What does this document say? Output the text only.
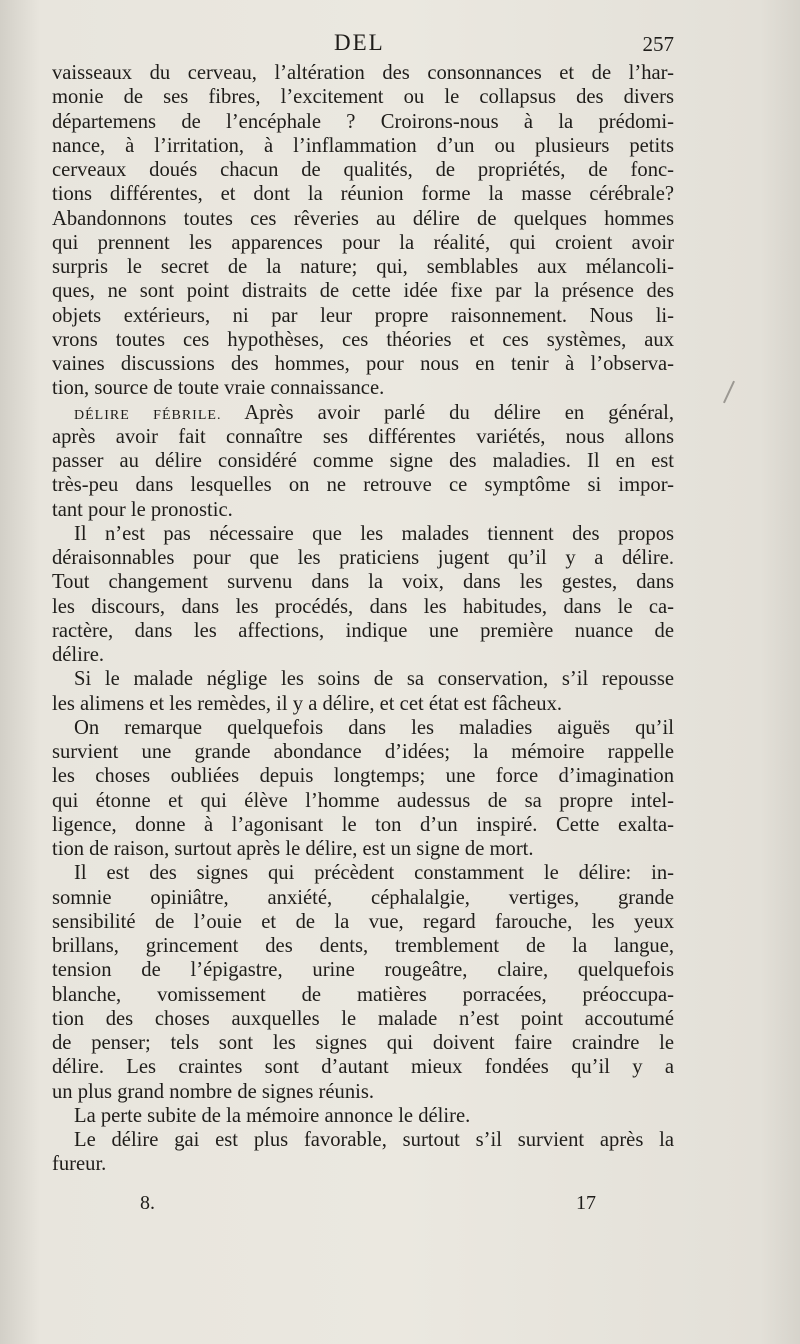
DEL	257
vaisseaux du cerveau, l’altération des consonnances et de l’har-
monie de ses fibres, l’excitement ou le collapsus des divers
départemens de l’encéphale ? Croirons-nous à la prédomi-
nance, à l’irritation, à l’inflammation d’un ou plusieurs petits
cerveaux doués chacun de qualités, de propriétés, de fonc-
tions différentes, et dont la réunion forme la masse cérébrale?
Abandonnons toutes ces rêveries au délire de quelques hommes
qui prennent les apparences pour la réalité, qui croient avoir
surpris le secret de la nature; qui, semblables aux mélancoli-
ques, ne sont point distraits de cette idée fixe par la présence des
objets extérieurs, ni par leur propre raisonnement. Nous li-
vrons toutes ces hypothèses, ces théories et ces systèmes, aux
vaines discussions des hommes, pour nous en tenir à l’observa-
tion, source de toute vraie connaissance.
DÉLIRE FÉBRILE. Après avoir parlé du délire en général,
après avoir fait connaître ses différentes variétés, nous allons
passer au délire considéré comme signe des maladies. Il en est
très-peu dans lesquelles on ne retrouve ce symptôme si impor-
tant pour le pronostic.
Il n’est pas nécessaire que les malades tiennent des propos
déraisonnables pour que les praticiens jugent qu’il y a délire.
Tout changement survenu dans la voix, dans les gestes, dans
les discours, dans les procédés, dans les habitudes, dans le ca-
ractère, dans les affections, indique une première nuance de
délire.
Si le malade néglige les soins de sa conservation, s’il repousse
les alimens et les remèdes, il y a délire, et cet état est fâcheux.
On remarque quelquefois dans les maladies aiguës qu’il
survient une grande abondance d’idées; la mémoire rappelle
les choses oubliées depuis longtemps; une force d’imagination
qui étonne et qui élève l’homme audessus de sa propre intel-
ligence, donne à l’agonisant le ton d’un inspiré. Cette exalta-
tion de raison, surtout après le délire, est un signe de mort.
Il est des signes qui précèdent constamment le délire: in-
somnie opiniâtre, anxiété, céphalalgie, vertiges, grande
sensibilité de l’ouie et de la vue, regard farouche, les yeux
brillans, grincement des dents, tremblement de la langue,
tension de l’épigastre, urine rougeâtre, claire, quelquefois
blanche, vomissement de matières porracées, préoccupa-
tion des choses auxquelles le malade n’est point accoutumé
de penser; tels sont les signes qui doivent faire craindre le
délire. Les craintes sont d’autant mieux fondées qu’il y a
un plus grand nombre de signes réunis.
La perte subite de la mémoire annonce le délire.
Le délire gai est plus favorable, surtout s’il survient après la
fureur.
8.	17
